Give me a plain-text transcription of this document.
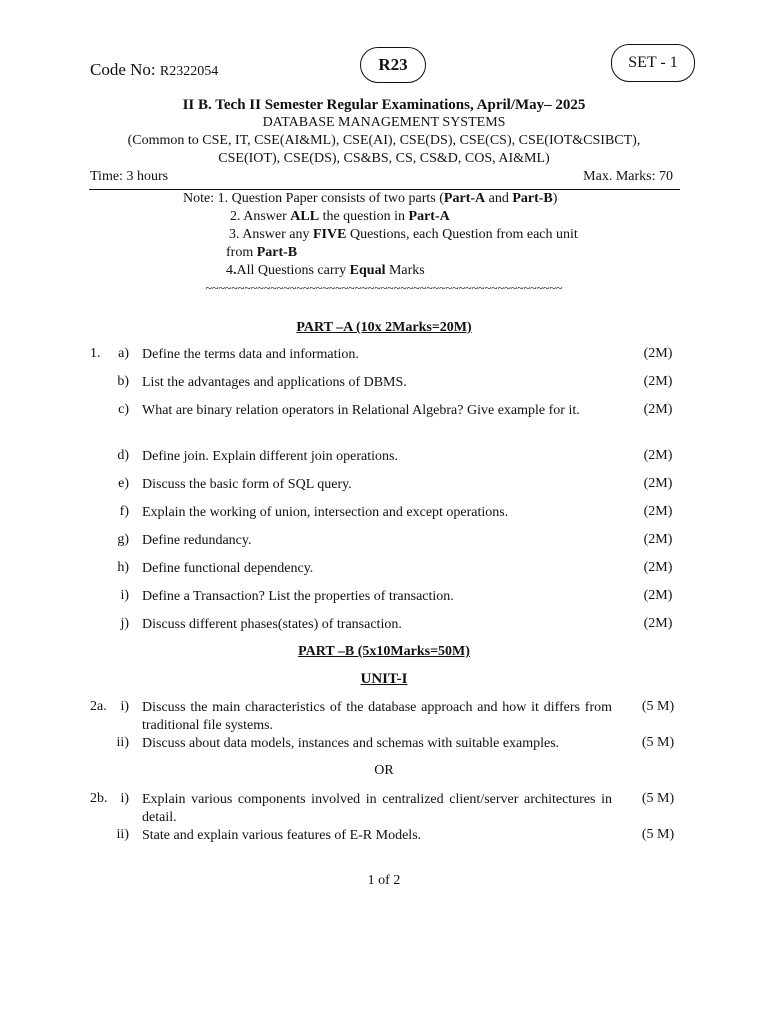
Code No: R2322054	R23	SET - 1
II B. Tech II Semester Regular Examinations, April/May– 2025
DATABASE MANAGEMENT SYSTEMS
(Common to CSE, IT, CSE(AI&ML), CSE(AI), CSE(DS), CSE(CS), CSE(IOT&CSIBCT),
CSE(IOT), CSE(DS), CS&BS, CS, CS&D, COS, AI&ML)
Time: 3 hours	Max. Marks: 70
Note: 1. Question Paper consists of two parts (Part-A and Part-B)
2. Answer ALL the question in Part-A
3. Answer any FIVE Questions, each Question from each unit
from Part-B
4.All Questions carry Equal Marks
~~~~~~~~~~~~~~~~~~~~~~~~~~~~~~~~~~~~~~~~~~~~~~~~~~~~~~~
PART –A (10x 2Marks=20M)
1.	a) Define the terms data and information.	(2M)
b) List the advantages and applications of DBMS.	(2M)
c) What are binary relation operators in Relational Algebra? Give example for it.	(2M)
d) Define join. Explain different join operations.	(2M)
e) Discuss the basic form of SQL query.	(2M)
f) Explain the working of union, intersection and except operations.	(2M)
g) Define redundancy.	(2M)
h) Define functional dependency.	(2M)
i) Define a Transaction? List the properties of transaction.	(2M)
j) Discuss different phases(states) of transaction.	(2M)
PART –B (5x10Marks=50M)
UNIT-I
2a. i) Discuss the main characteristics of the database approach and how it differs from traditional file systems.
(5 M)
ii) Discuss about data models, instances and schemas with suitable examples.	(5 M)
OR
2b. i) Explain various components involved in centralized client/server architectures in detail.
(5 M)
ii) State and explain various features of E-R Models.	(5 M)
1 of 2
